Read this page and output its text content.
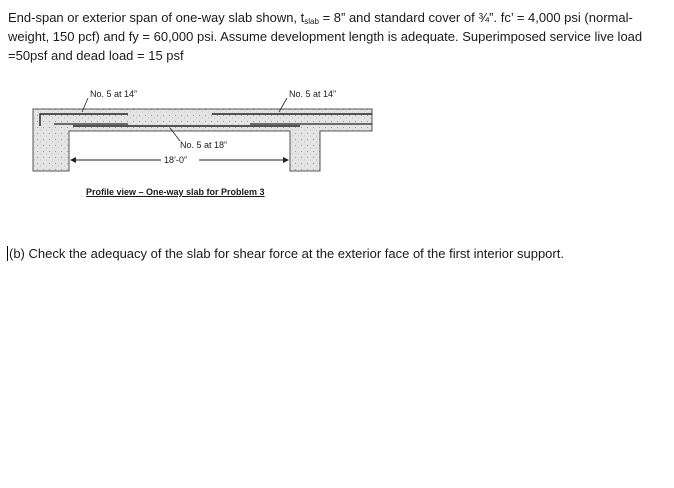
End-span or exterior span of one-way slab shown, $t_{slab} = 8$” and standard cover of ¾”. fc’ = 4,000 psi (normal-weight, 150 pcf) and fy = 60,000 psi. Assume development length is adequate. Superimposed service live load =50psf and dead load = 15 psf

No. 5 at 14”	No. 5 at 14”
No. 5 at 18”
18’-0”

Profile view – One-way slab for Problem 3

(b) Check the adequacy of the slab for shear force at the exterior face of the first interior support.
